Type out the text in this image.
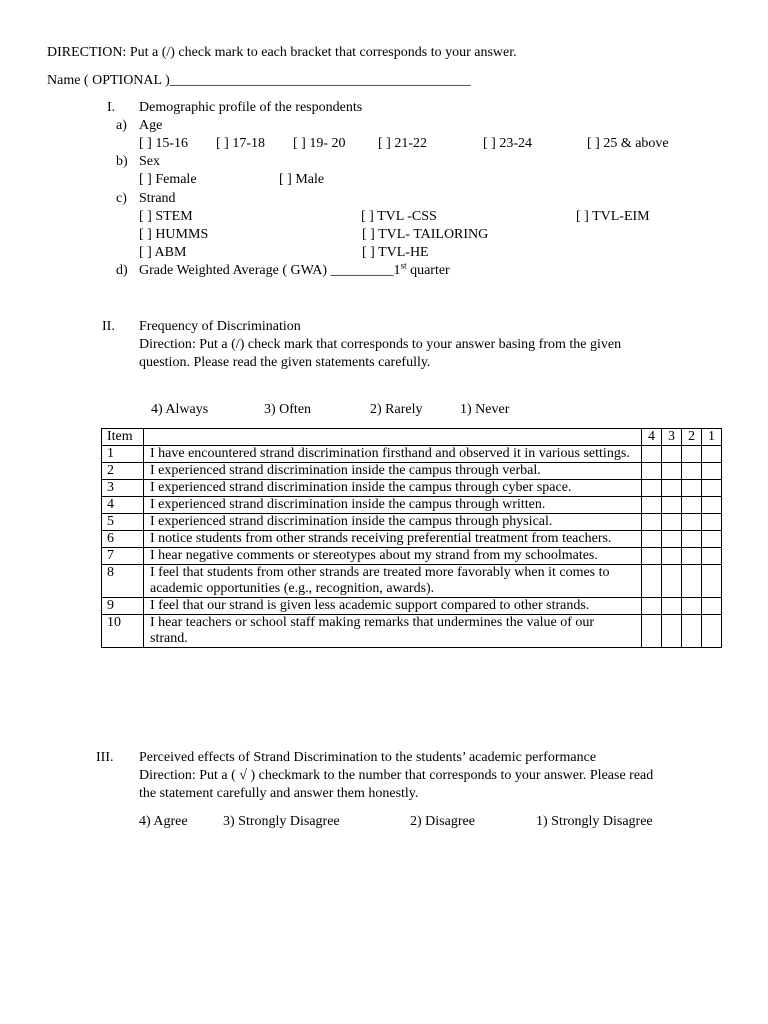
DIRECTION: Put a (/) check mark to each bracket that corresponds to your answer.
Name ( OPTIONAL )___________________________________________
I. Demographic profile of the respondents
a) Age
[ ] 15-16 [ ] 17-18 [ ] 19- 20 [ ] 21-22	[ ] 23-24	[ ] 25 & above
b) Sex
[ ] Female	[ ] Male
c) Strand
[ ] STEM	[ ] TVL -CSS	[ ] TVL-EIM
[ ] HUMMS	[ ] TVL- TAILORING
[ ] ABM	[ ] TVL-HE
d) Grade Weighted Average ( GWA) _________1st quarter
II. Frequency of Discrimination
Direction: Put a (/) check mark that corresponds to your answer basing from the given
question. Please read the given statements carefully.
4) Always	3) Often	2) Rarely	1) Never
Item		4	3	2	1
1	I have encountered strand discrimination firsthand and observed it in various settings.				
2	I experienced strand discrimination inside the campus through verbal.				
3	I experienced strand discrimination inside the campus through cyber space.				
4	I experienced strand discrimination inside the campus through written.				
5	I experienced strand discrimination inside the campus through physical.				
6	I notice students from other strands receiving preferential treatment from teachers.				
7	I hear negative comments or stereotypes about my strand from my schoolmates.				
8	I feel that students from other strands are treated more favorably when it comes to academic opportunities (e.g., recognition, awards).				
9	I feel that our strand is given less academic support compared to other strands.				
10	I hear teachers or school staff making remarks that undermines the value of our strand.				
III. Perceived effects of Strand Discrimination to the students’ academic performance
Direction: Put a ( √ ) checkmark to the number that corresponds to your answer. Please read
the statement carefully and answer them honestly.
4) Agree	3) Strongly Disagree	2) Disagree	1) Strongly Disagree
